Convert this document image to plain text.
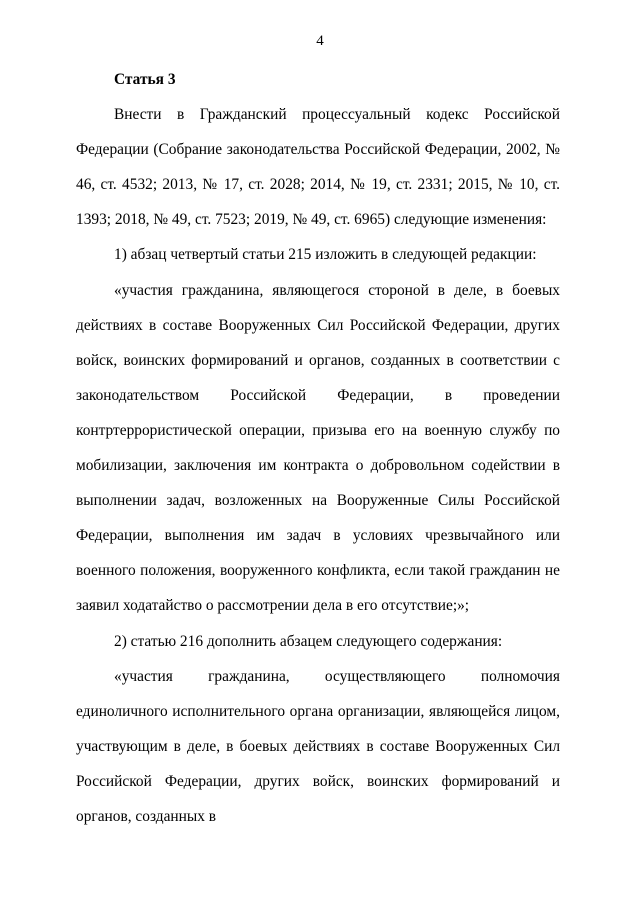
4

Статья 3

Внести в Гражданский процессуальный кодекс Российской Федерации (Собрание законодательства Российской Федерации, 2002, № 46, ст. 4532; 2013, № 17, ст. 2028; 2014, № 19, ст. 2331; 2015, № 10, ст. 1393; 2018, № 49, ст. 7523; 2019, № 49, ст. 6965) следующие изменения:

1) абзац четвертый статьи 215 изложить в следующей редакции:

«участия гражданина, являющегося стороной в деле, в боевых действиях в составе Вооруженных Сил Российской Федерации, других войск, воинских формирований и органов, созданных в соответствии с законодательством Российской Федерации, в проведении контртеррористической операции, призыва его на военную службу по мобилизации, заключения им контракта о добровольном содействии в выполнении задач, возложенных на Вооруженные Силы Российской Федерации, выполнения им задач в условиях чрезвычайного или военного положения, вооруженного конфликта, если такой гражданин не заявил ходатайство о рассмотрении дела в его отсутствие;»;

2) статью 216 дополнить абзацем следующего содержания:

«участия гражданина, осуществляющего полномочия единоличного исполнительного органа организации, являющейся лицом, участвующим в деле, в боевых действиях в составе Вооруженных Сил Российской Федерации, других войск, воинских формирований и органов, созданных в
